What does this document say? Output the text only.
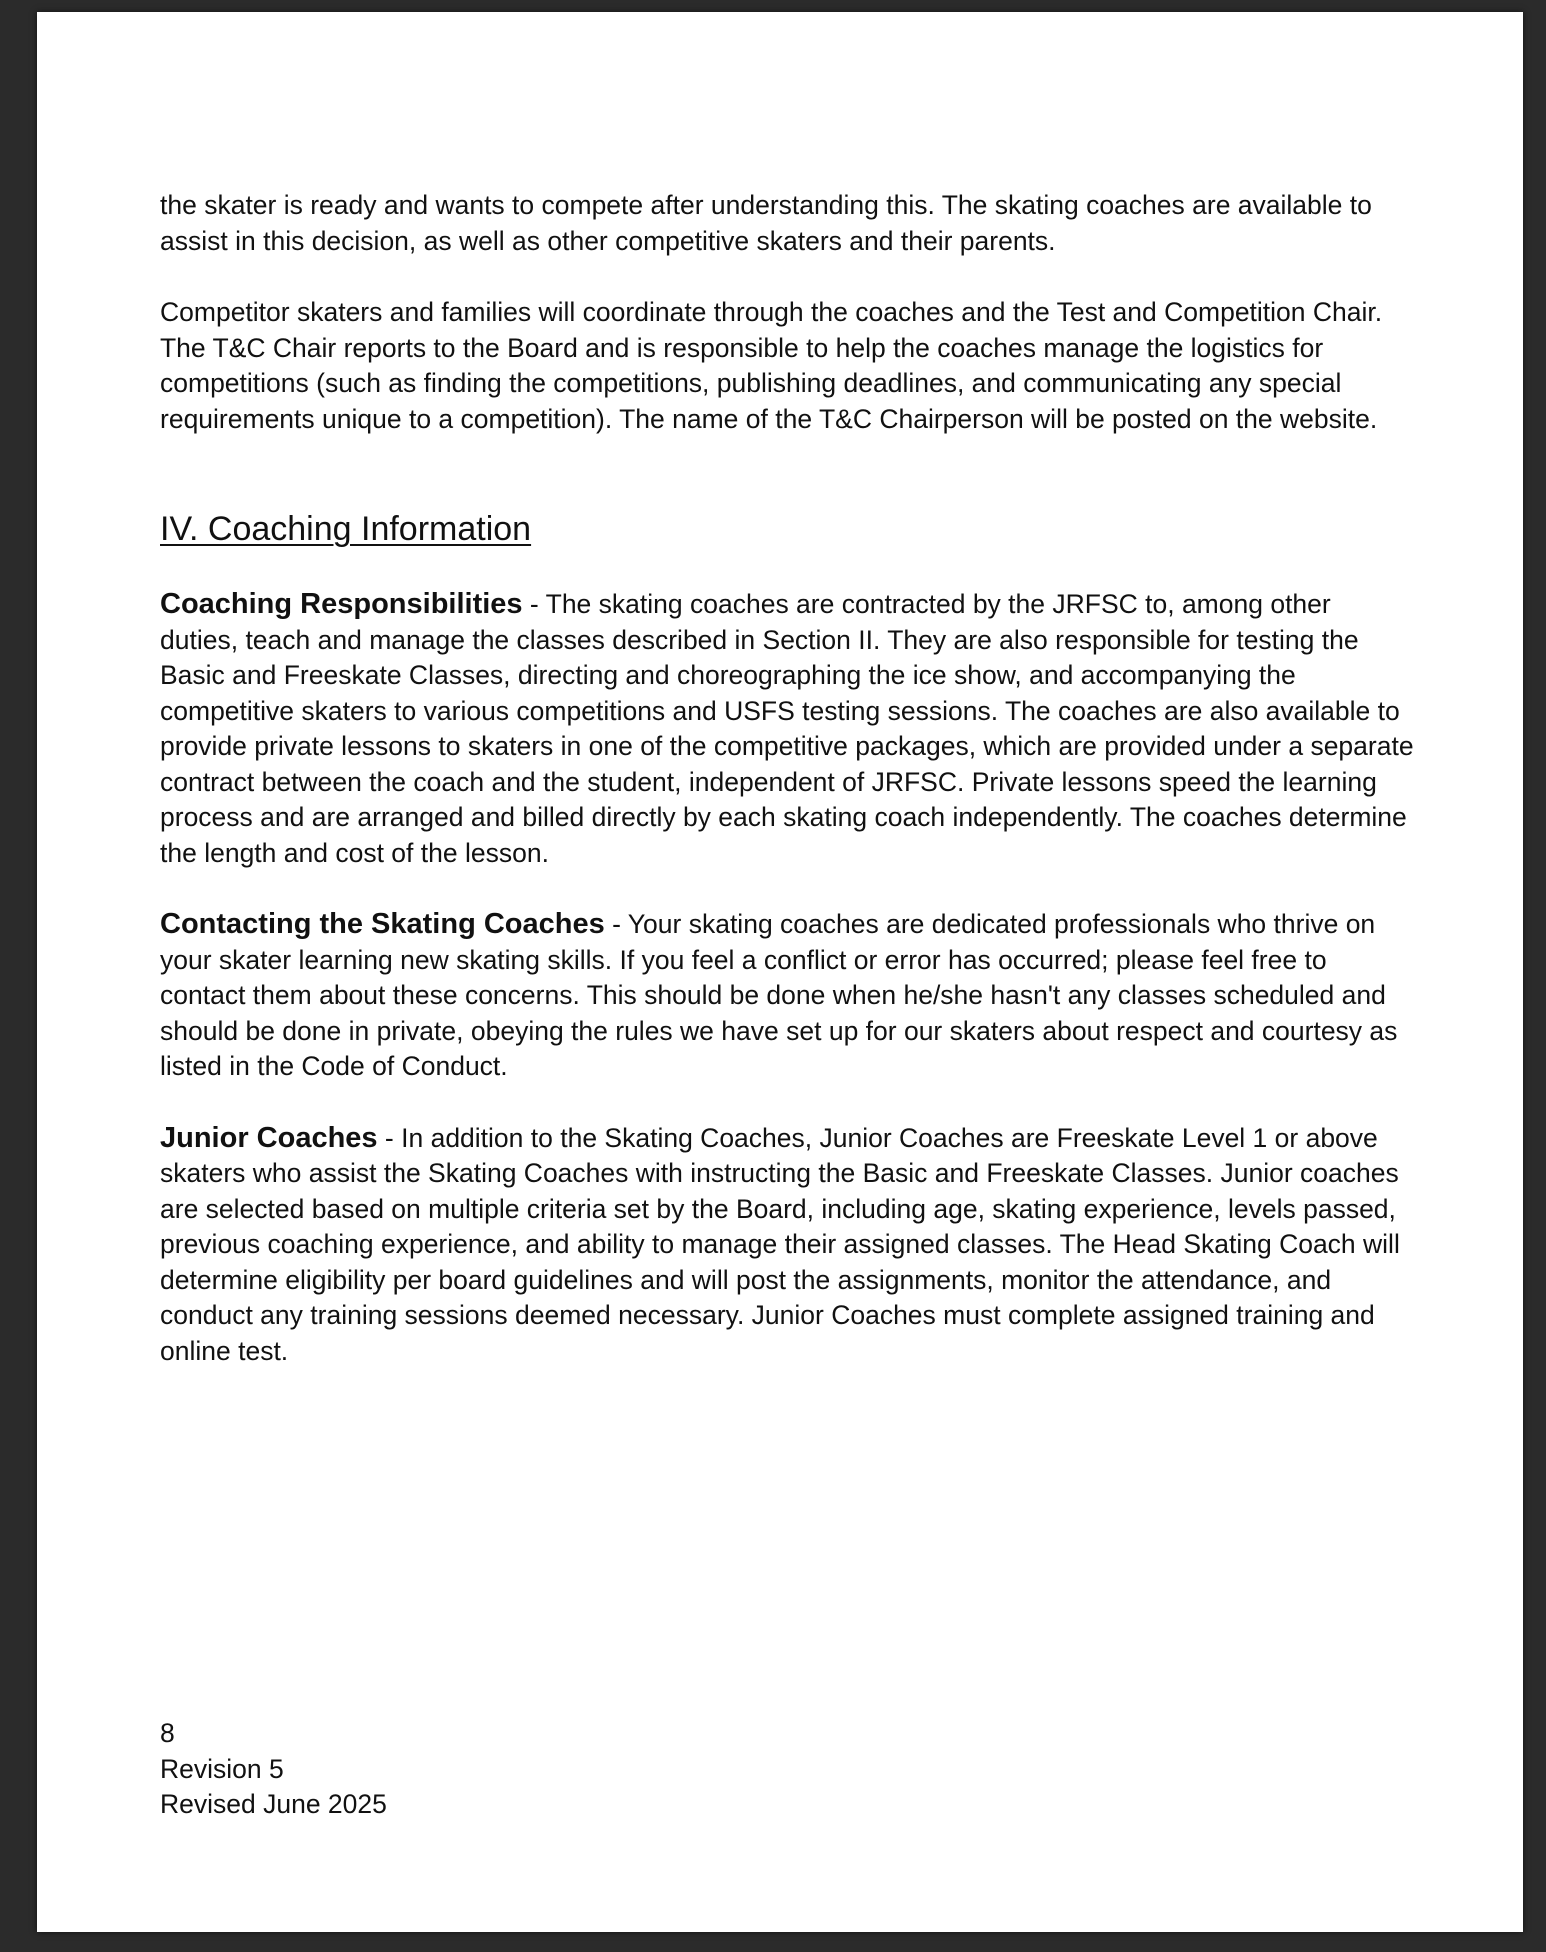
the skater is ready and wants to compete after understanding this. The skating coaches are available to assist in this decision, as well as other competitive skaters and their parents.

Competitor skaters and families will coordinate through the coaches and the Test and Competition Chair. The T&C Chair reports to the Board and is responsible to help the coaches manage the logistics for competitions (such as finding the competitions, publishing deadlines, and communicating any special requirements unique to a competition). The name of the T&C Chairperson will be posted on the website.

IV. Coaching Information

Coaching Responsibilities - The skating coaches are contracted by the JRFSC to, among other duties, teach and manage the classes described in Section II. They are also responsible for testing the Basic and Freeskate Classes, directing and choreographing the ice show, and accompanying the competitive skaters to various competitions and USFS testing sessions. The coaches are also available to provide private lessons to skaters in one of the competitive packages, which are provided under a separate contract between the coach and the student, independent of JRFSC. Private lessons speed the learning process and are arranged and billed directly by each skating coach independently. The coaches determine the length and cost of the lesson.

Contacting the Skating Coaches - Your skating coaches are dedicated professionals who thrive on your skater learning new skating skills. If you feel a conflict or error has occurred; please feel free to contact them about these concerns. This should be done when he/she hasn't any classes scheduled and should be done in private, obeying the rules we have set up for our skaters about respect and courtesy as listed in the Code of Conduct.

Junior Coaches - In addition to the Skating Coaches, Junior Coaches are Freeskate Level 1 or above skaters who assist the Skating Coaches with instructing the Basic and Freeskate Classes. Junior coaches are selected based on multiple criteria set by the Board, including age, skating experience, levels passed, previous coaching experience, and ability to manage their assigned classes. The Head Skating Coach will determine eligibility per board guidelines and will post the assignments, monitor the attendance, and conduct any training sessions deemed necessary. Junior Coaches must complete assigned training and online test.

8
Revision 5
Revised June 2025
